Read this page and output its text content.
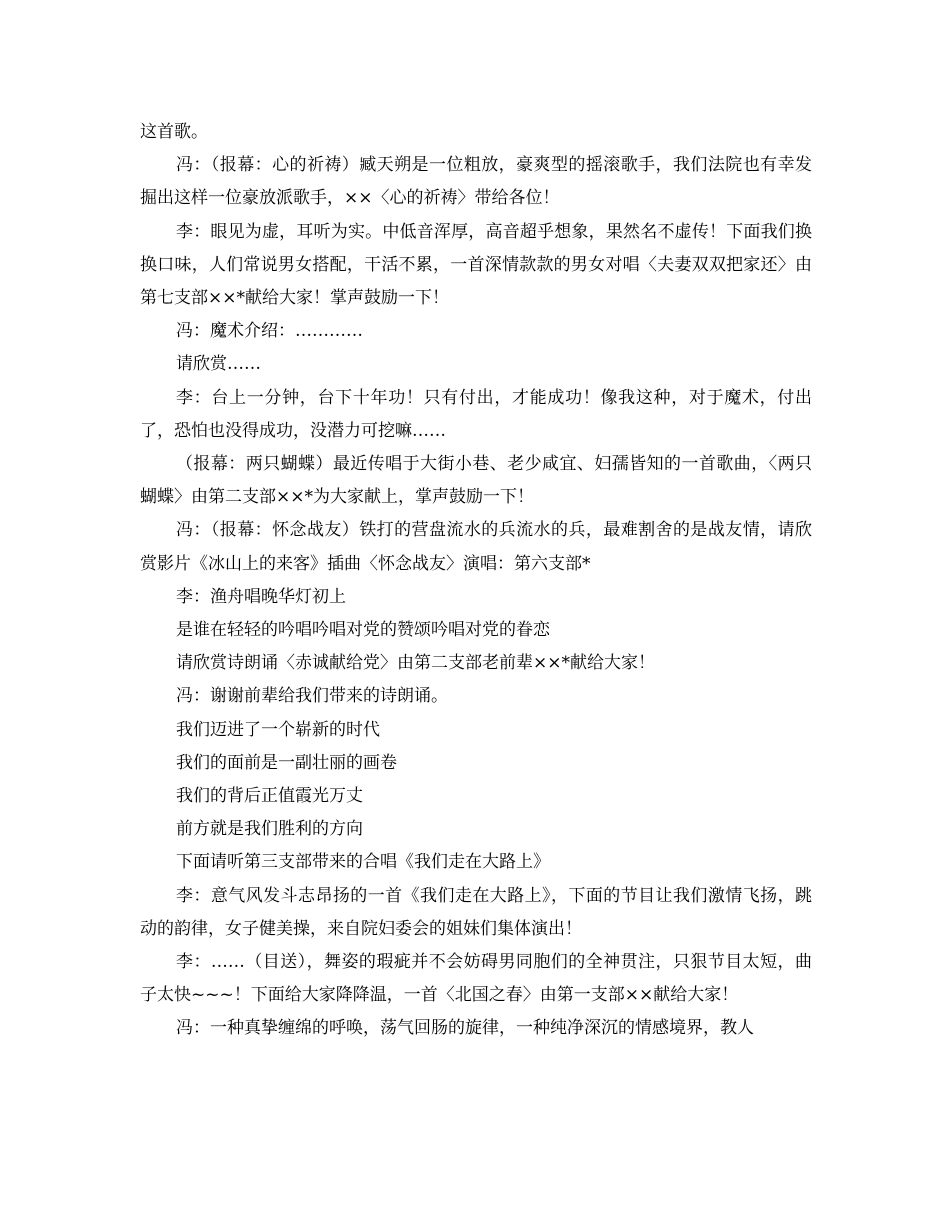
这首歌。

冯：（报幕：心的祈祷）臧天朔是一位粗放，豪爽型的摇滚歌手，我们法院也有幸发掘出这样一位豪放派歌手，××〈心的祈祷〉带给各位！

李：眼见为虚，耳听为实。中低音浑厚，高音超乎想象，果然名不虚传！下面我们换换口味，人们常说男女搭配，干活不累，一首深情款款的男女对唱〈夫妻双双把家还〉由第七支部××*献给大家！掌声鼓励一下！

冯：魔术介绍：…………

请欣赏……

李：台上一分钟，台下十年功！只有付出，才能成功！像我这种，对于魔术，付出了，恐怕也没得成功，没潜力可挖嘛……

（报幕：两只蝴蝶）最近传唱于大街小巷、老少咸宜、妇孺皆知的一首歌曲，〈两只蝴蝶〉由第二支部××*为大家献上，掌声鼓励一下！

冯：（报幕：怀念战友）铁打的营盘流水的兵流水的兵，最难割舍的是战友情，请欣赏影片《冰山上的来客》插曲〈怀念战友〉演唱：第六支部*

李：渔舟唱晚华灯初上

是谁在轻轻的吟唱吟唱对党的赞颂吟唱对党的眷恋

请欣赏诗朗诵〈赤诚献给党〉由第二支部老前辈××*献给大家！

冯：谢谢前辈给我们带来的诗朗诵。

我们迈进了一个崭新的时代

我们的面前是一副壮丽的画卷

我们的背后正值霞光万丈

前方就是我们胜利的方向

下面请听第三支部带来的合唱《我们走在大路上》

李：意气风发斗志昂扬的一首《我们走在大路上》，下面的节目让我们激情飞扬，跳动的韵律，女子健美操，来自院妇委会的姐妹们集体演出！

李：……（目送），舞姿的瑕疵并不会妨碍男同胞们的全神贯注，只狠节目太短，曲子太快~~~！下面给大家降降温，一首〈北国之春〉由第一支部××献给大家！

冯：一种真挚缠绵的呼唤，荡气回肠的旋律，一种纯净深沉的情感境界，教人
